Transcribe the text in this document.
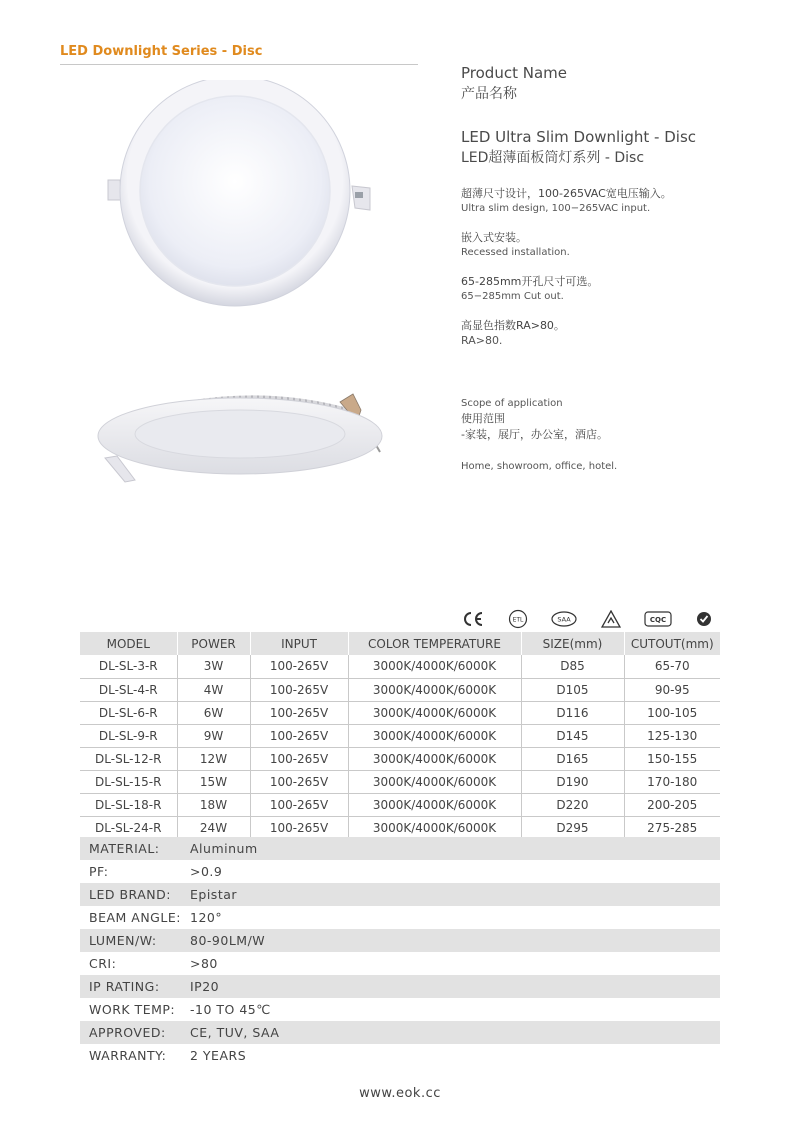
LED Downlight Series - Disc
Product Name
产品名称
LED Ultra Slim Downlight - Disc
LED超薄面板筒灯系列 - Disc
超薄尺寸设计，100-265VAC宽电压输入。
Ultra slim design, 100−265VAC input.
嵌入式安装。
Recessed installation.
65-285mm开孔尺寸可选。
65−285mm Cut out.
高显色指数RA>80。
RA>80.
Scope of application
使用范围
-家装，展厅，办公室，酒店。
Home, showroom, office, hotel.
ETL	SAA	CQC
MODEL	POWER	INPUT	COLOR TEMPERATURE	SIZE(mm)	CUTOUT(mm)
DL-SL-3-R	3W	100-265V	3000K/4000K/6000K	D85	65-70
DL-SL-4-R	4W	100-265V	3000K/4000K/6000K	D105	90-95
DL-SL-6-R	6W	100-265V	3000K/4000K/6000K	D116	100-105
DL-SL-9-R	9W	100-265V	3000K/4000K/6000K	D145	125-130
DL-SL-12-R	12W	100-265V	3000K/4000K/6000K	D165	150-155
DL-SL-15-R	15W	100-265V	3000K/4000K/6000K	D190	170-180
DL-SL-18-R	18W	100-265V	3000K/4000K/6000K	D220	200-205
DL-SL-24-R	24W	100-265V	3000K/4000K/6000K	D295	275-285
MATERIAL:	Aluminum
PF:	>0.9
LED BRAND:	Epistar
BEAM ANGLE:	120°
LUMEN/W:	80-90LM/W
CRI:	>80
IP RATING:	IP20
WORK TEMP:	-10 TO 45℃
APPROVED:	CE, TUV, SAA
WARRANTY:	2 YEARS
www.eok.cc
